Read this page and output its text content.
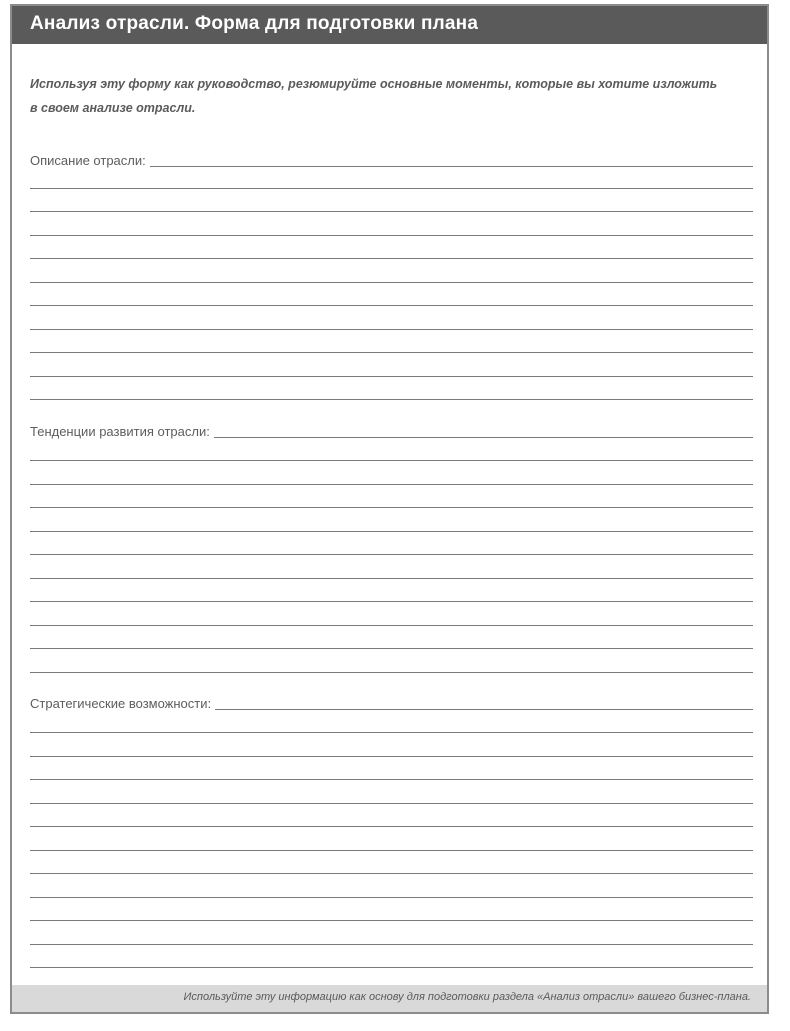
Анализ отрасли. Форма для подготовки плана
Используя эту форму как руководство, резюмируйте основные моменты, которые вы хотите изложить
в своем анализе отрасли.
Описание отрасли:
Тенденции развития отрасли:
Стратегические возможности:
Используйте эту информацию как основу для подготовки раздела «Анализ отрасли» вашего бизнес-плана.
